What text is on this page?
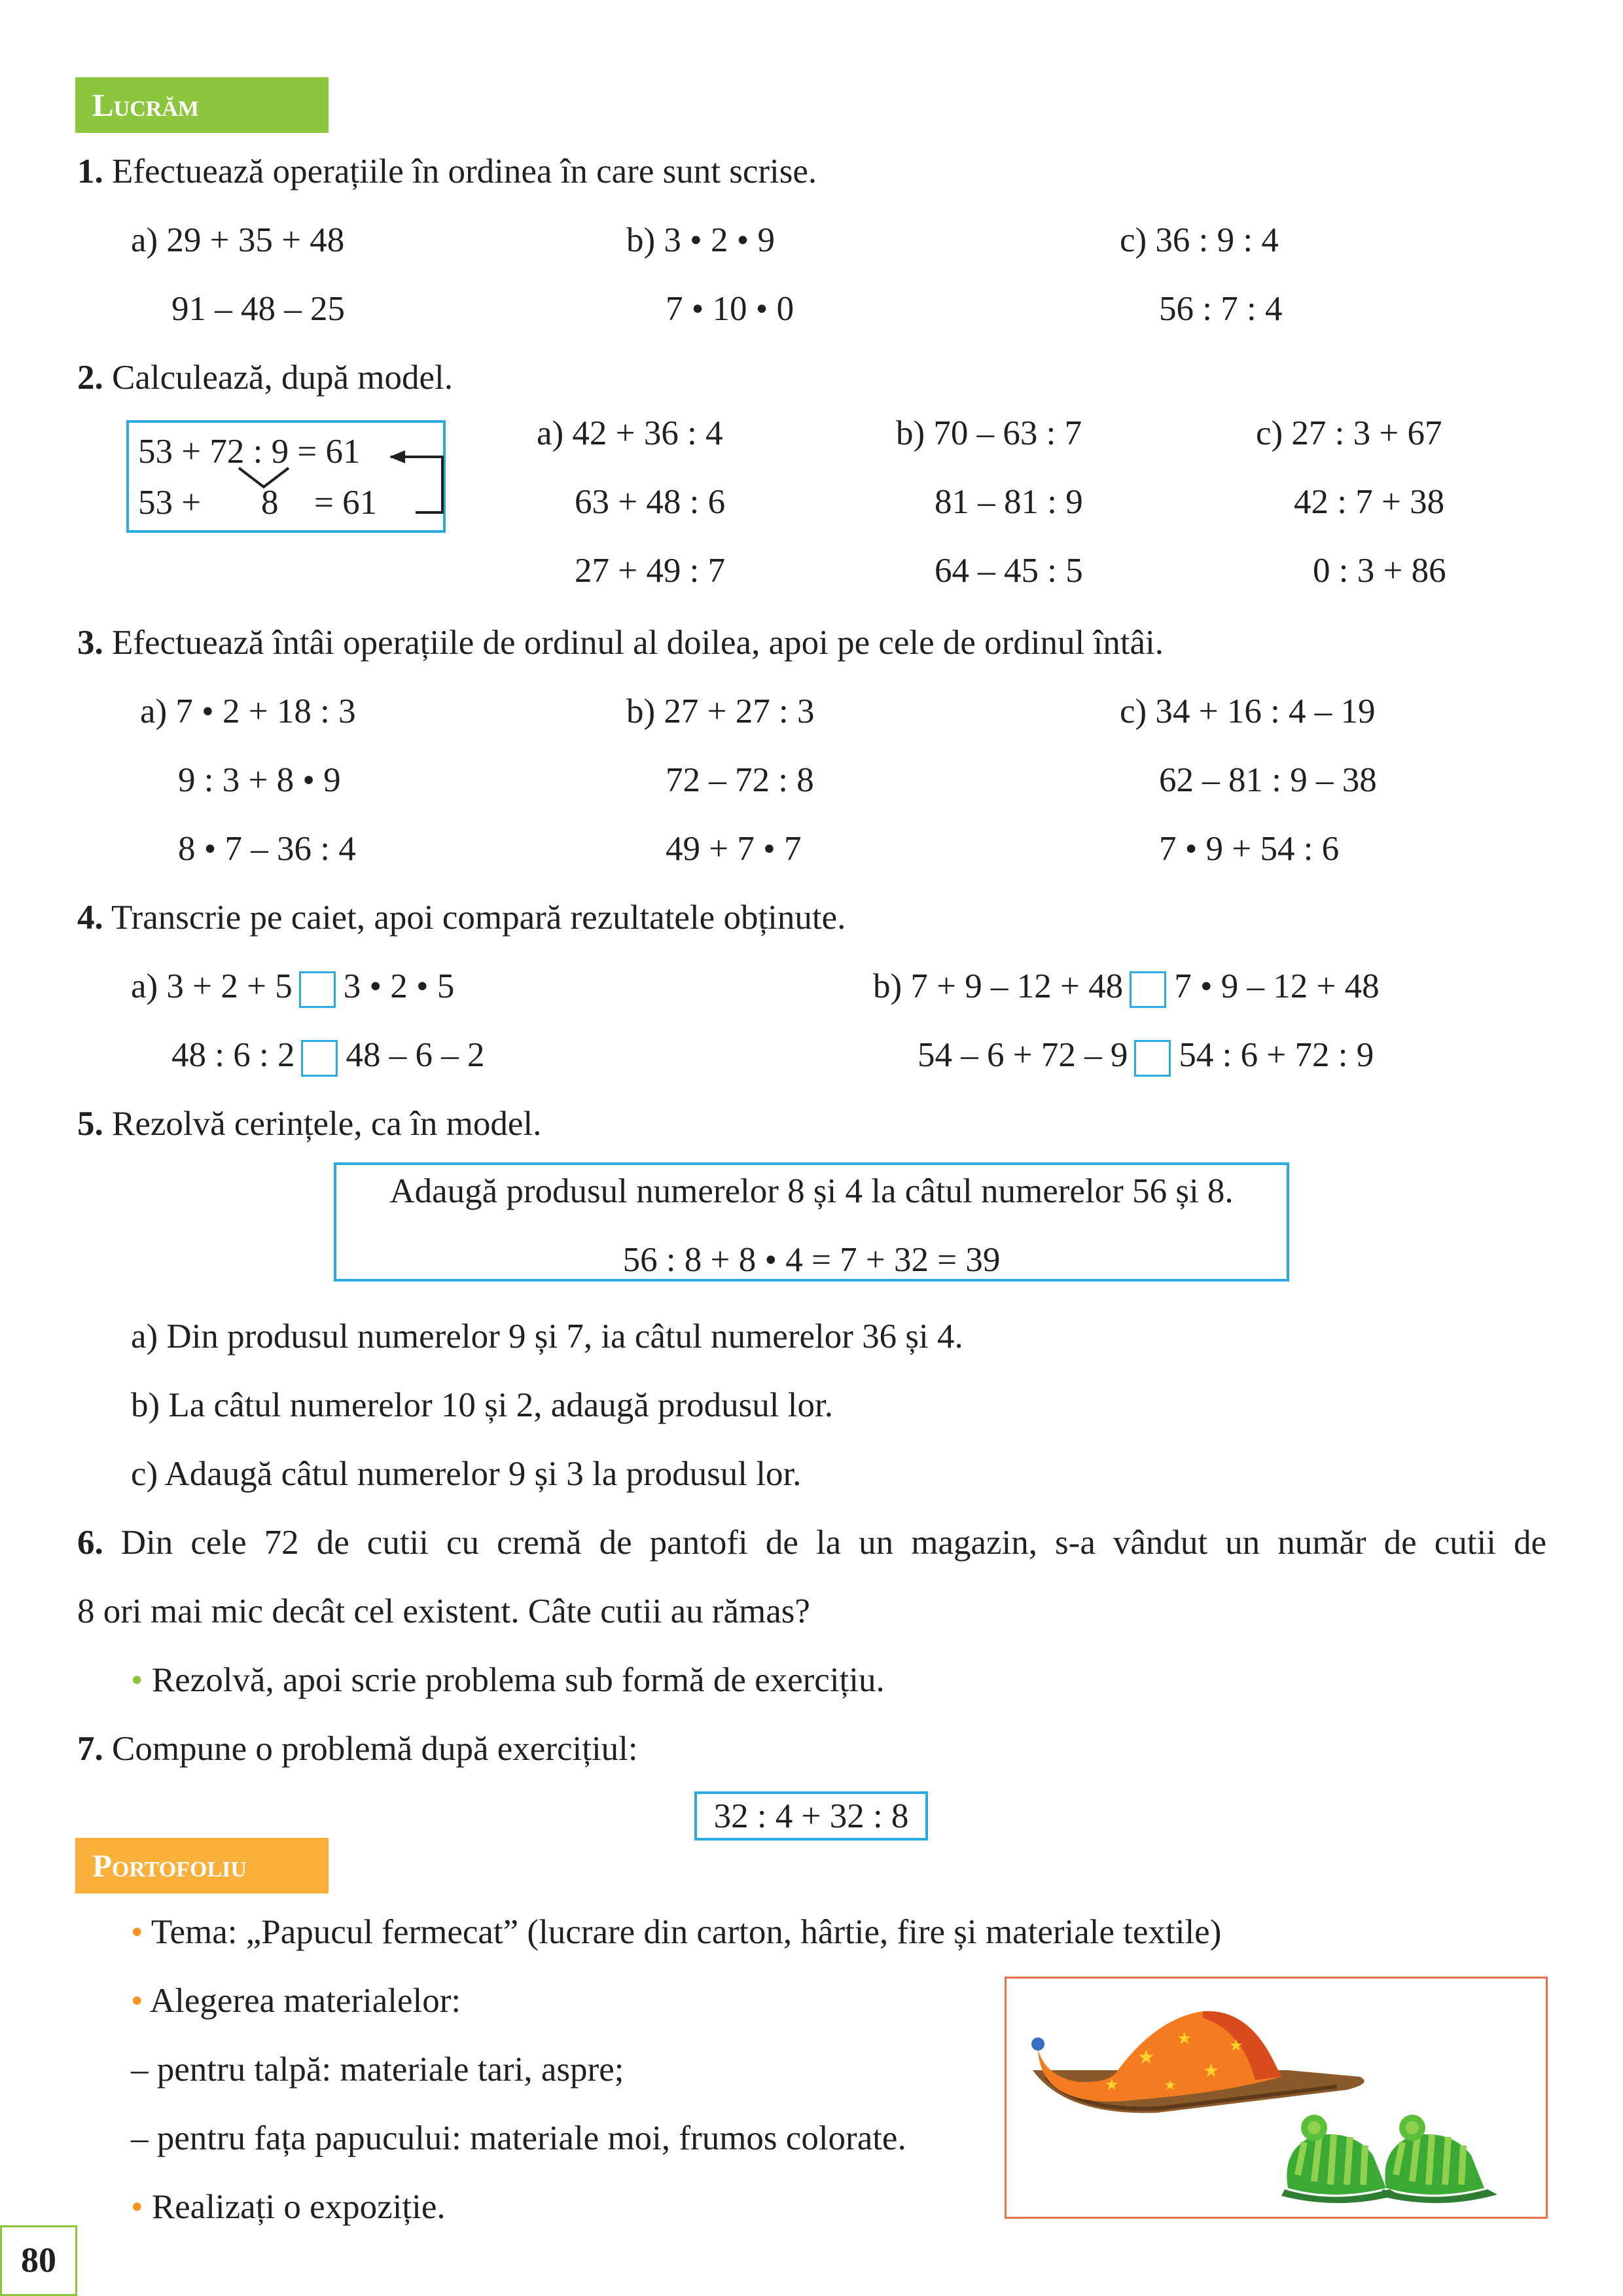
Lucrăm
1. Efectuează operațiile în ordinea în care sunt scrise.
a) 29 + 35 + 48
91 – 48 – 25
b) 3 • 2 • 9
7 • 10 • 0
c) 36 : 9 : 4
56 : 7 : 4
2. Calculează, după model.
53 + 72 : 9 = 61
53 + 8 = 61
a) 42 + 36 : 4
63 + 48 : 6
27 + 49 : 7
b) 70 – 63 : 7
81 – 81 : 9
64 – 45 : 5
c) 27 : 3 + 67
42 : 7 + 38
0 : 3 + 86
3. Efectuează întâi operațiile de ordinul al doilea, apoi pe cele de ordinul întâi.
a) 7 • 2 + 18 : 3
9 : 3 + 8 • 9
8 • 7 – 36 : 4
b) 27 + 27 : 3
72 – 72 : 8
49 + 7 • 7
c) 34 + 16 : 4 – 19
62 – 81 : 9 – 38
7 • 9 + 54 : 6
4. Transcrie pe caiet, apoi compară rezultatele obținute.
a) 3 + 2 + 5 3 • 2 • 5
48 : 6 : 2 48 – 6 – 2
b) 7 + 9 – 12 + 48 7 • 9 – 12 + 48
54 – 6 + 72 – 9 54 : 6 + 72 : 9
5. Rezolvă cerințele, ca în model.
Adaugă produsul numerelor 8 și 4 la câtul numerelor 56 și 8.
56 : 8 + 8 • 4 = 7 + 32 = 39
a) Din produsul numerelor 9 și 7, ia câtul numerelor 36 și 4.
b) La câtul numerelor 10 și 2, adaugă produsul lor.
c) Adaugă câtul numerelor 9 și 3 la produsul lor.
6. Din cele 72 de cutii cu cremă de pantofi de la un magazin, s-a vândut un număr de cutii de
8 ori mai mic decât cel existent. Câte cutii au rămas?
• Rezolvă, apoi scrie problema sub formă de exercițiu.
7. Compune o problemă după exercițiul:
32 : 4 + 32 : 8
Portofoliu
• Tema: „Papucul fermecat” (lucrare din carton, hârtie, fire și materiale textile)
• Alegerea materialelor:
– pentru talpă: materiale tari, aspre;
– pentru fața papucului: materiale moi, frumos colorate.
• Realizați o expoziție.
★
★
★
★
★
★
80
